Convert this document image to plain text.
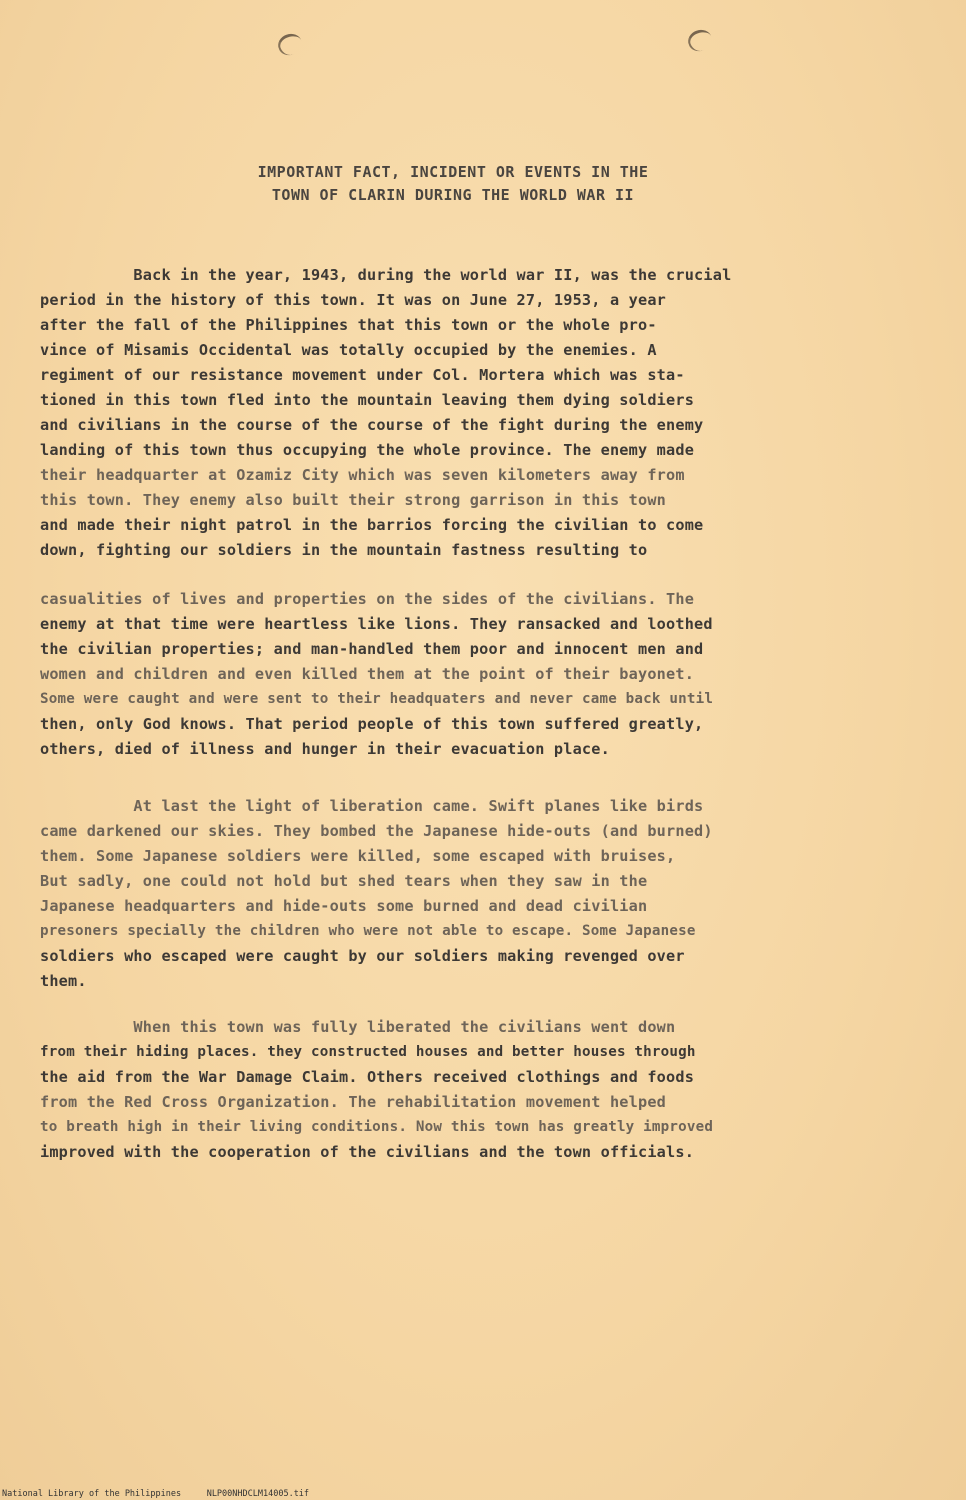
IMPORTANT FACT, INCIDENT OR EVENTS IN THE
TOWN OF CLARIN DURING THE WORLD WAR II
Back in the year, 1943, during the world war II, was the crucial
period in the history of this town. It was on June 27, 1953, a year
after the fall of the Philippines that this town or the whole pro-
vince of Misamis Occidental was totally occupied by the enemies. A
regiment of our resistance movement under Col. Mortera which was sta-
tioned in this town fled into the mountain leaving them dying soldiers
and civilians in the course of the course of the fight during the enemy
landing of this town thus occupying the whole province. The enemy made
their headquarter at Ozamiz City which was seven kilometers away from
this town. They enemy also built their strong garrison in this town
and made their night patrol in the barrios forcing the civilian to come
down, fighting our soldiers in the mountain fastness resulting to
casualities of lives and properties on the sides of the civilians. The
enemy at that time were heartless like lions. They ransacked and loothed
the civilian properties; and man-handled them poor and innocent men and
women and children and even killed them at the point of their bayonet.
Some were caught and were sent to their headquaters and never came back until
then, only God knows. That period people of this town suffered greatly,
others, died of illness and hunger in their evacuation place.
At last the light of liberation came. Swift planes like birds
came darkened our skies. They bombed the Japanese hide-outs (and burned)
them. Some Japanese soldiers were killed, some escaped with bruises,
But sadly, one could not hold but shed tears when they saw in the
Japanese headquarters and hide-outs some burned and dead civilian
presoners specially the children who were not able to escape. Some Japanese
soldiers who escaped were caught by our soldiers making revenged over
them.
When this town was fully liberated the civilians went down
from their hiding places. they constructed houses and better houses through
the aid from the War Damage Claim. Others received clothings and foods
from the Red Cross Organization. The rehabilitation movement helped
to breath high in their living conditions. Now this town has greatly improved
improved with the cooperation of the civilians and the town officials.
National Library of the Philippines     NLP00NHDCLM14005.tif
